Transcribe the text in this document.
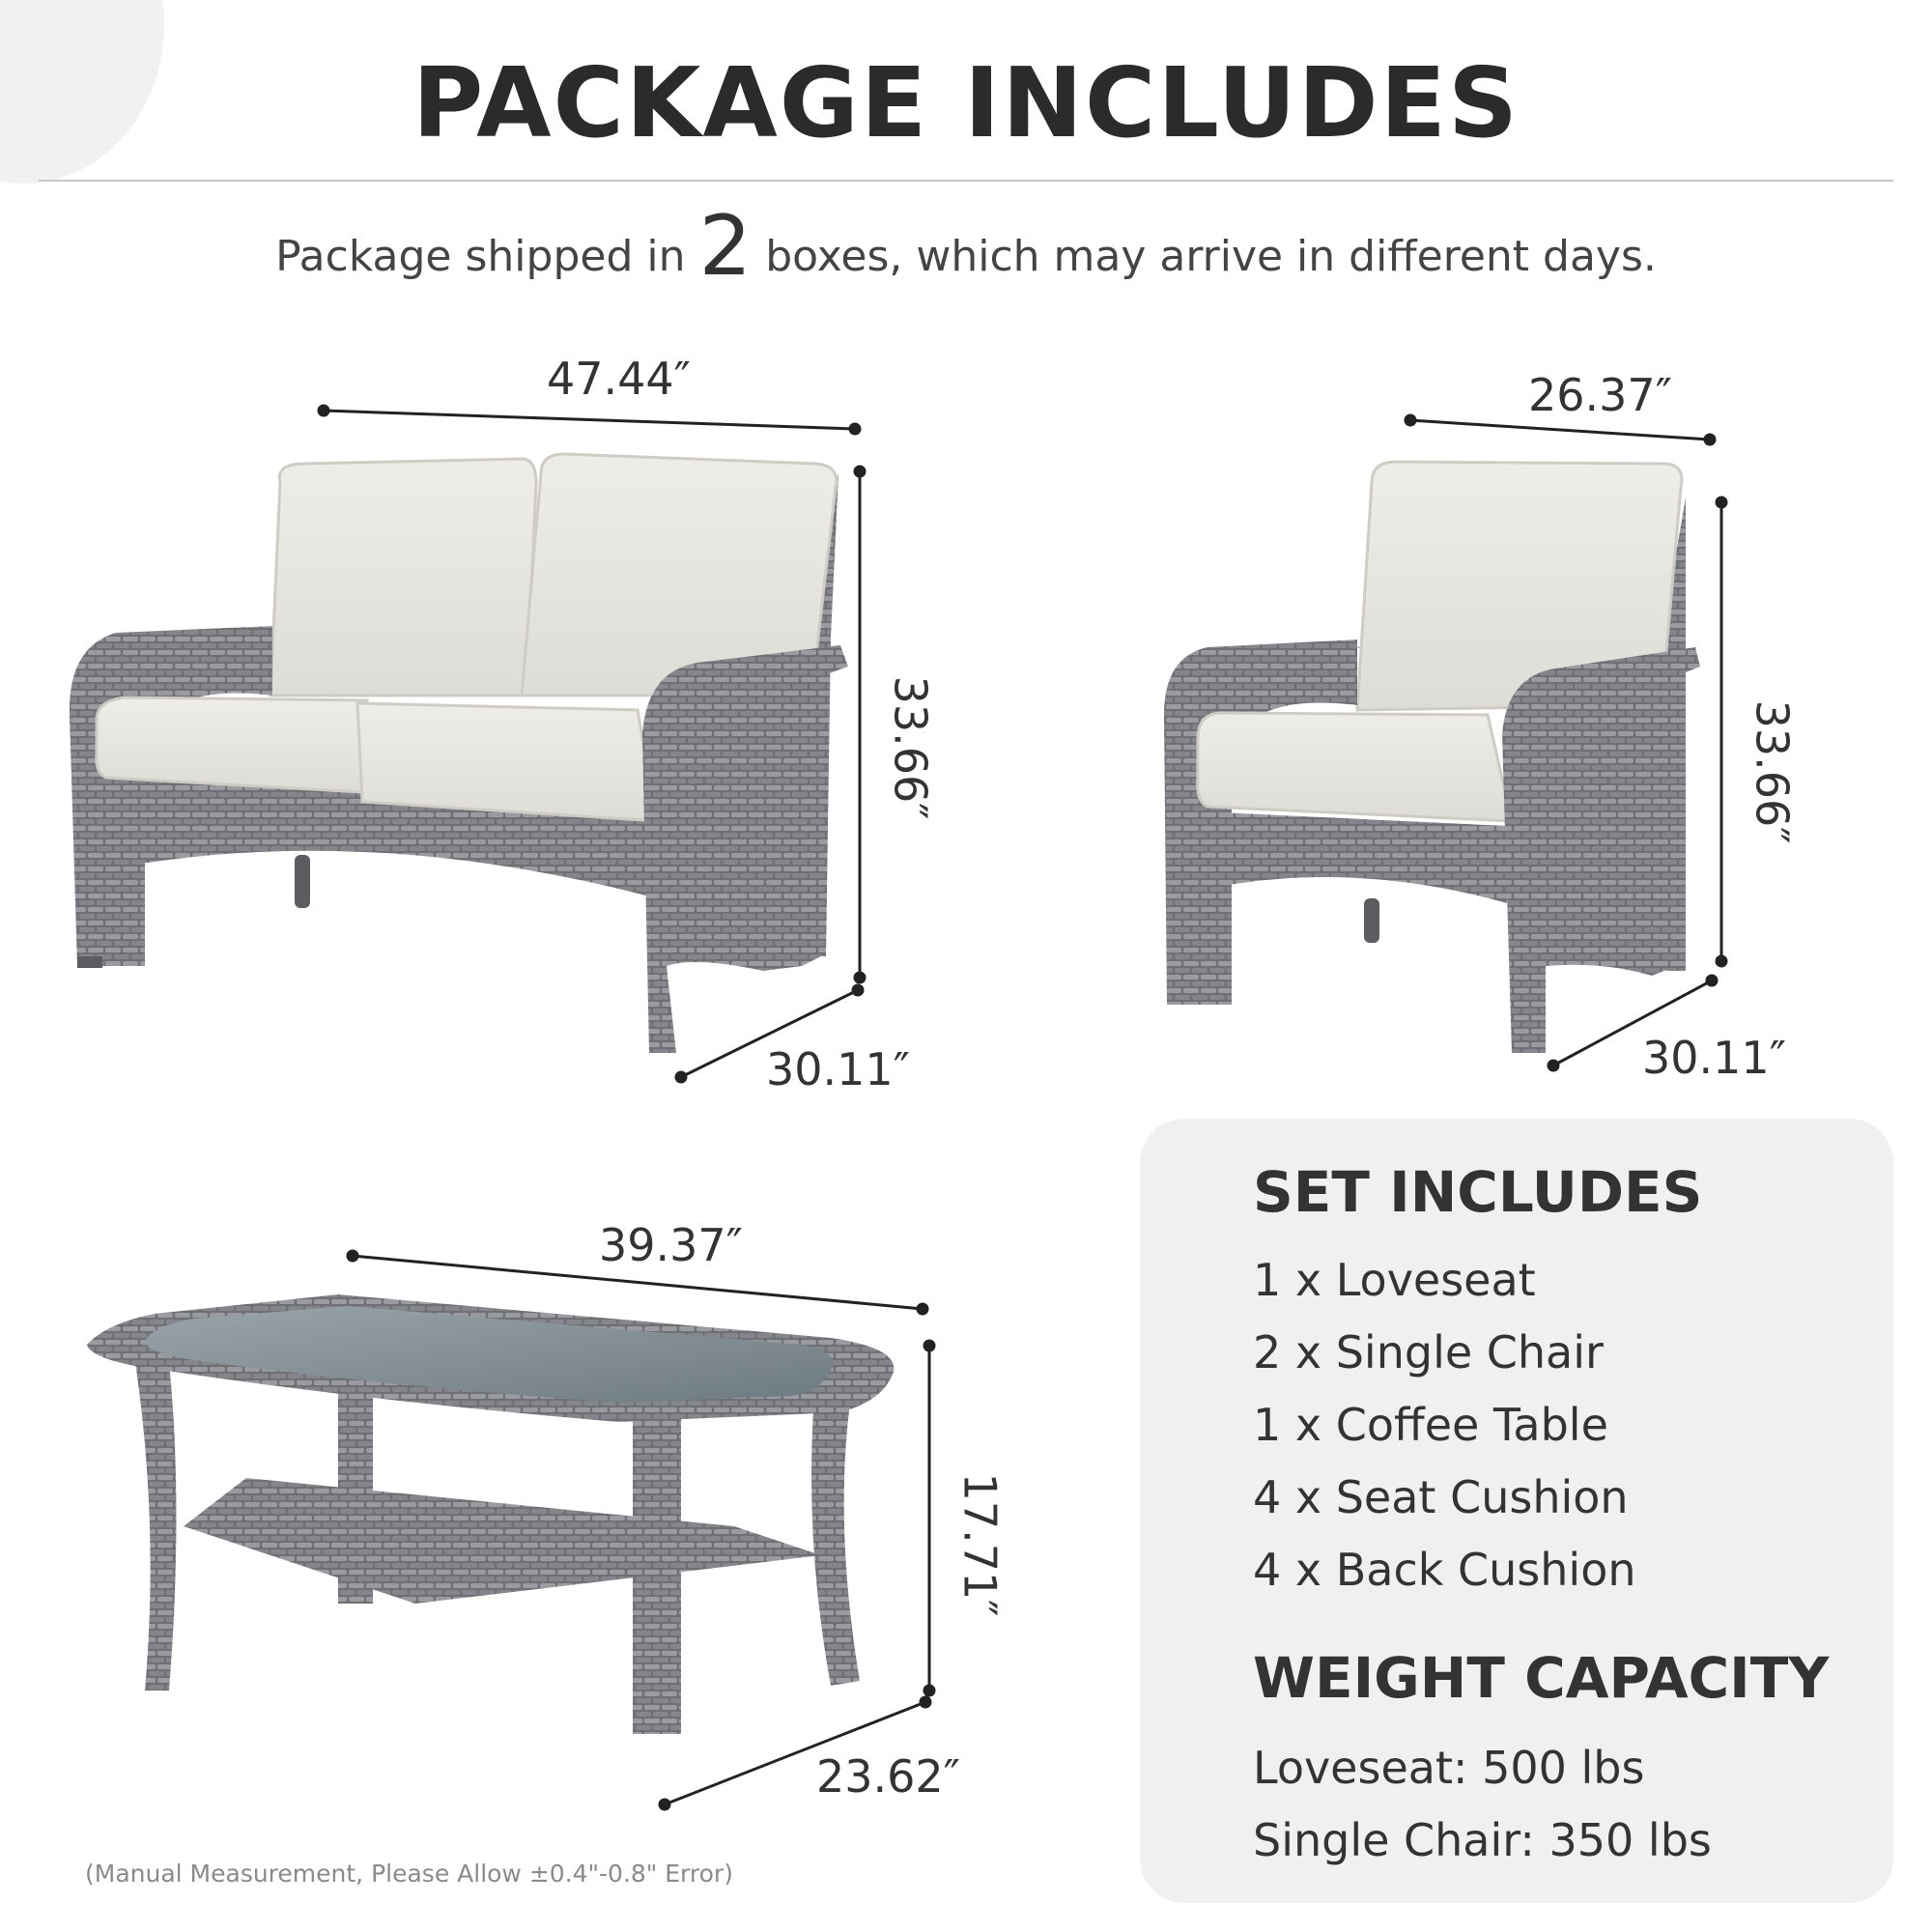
PACKAGE INCLUDES
Package shipped in 2 boxes, which may arrive in different days.
47.44″
33.66″
30.11″
26.37″
33.66″
30.11″
39.37″
17.71″
23.62″
SET INCLUDES
1 x Loveseat
2 x Single Chair
1 x Coffee Table
4 x Seat Cushion
4 x Back Cushion
WEIGHT CAPACITY
Loveseat: 500 lbs
Single Chair: 350 lbs
(Manual Measurement, Please Allow ±0.4"-0.8" Error)
